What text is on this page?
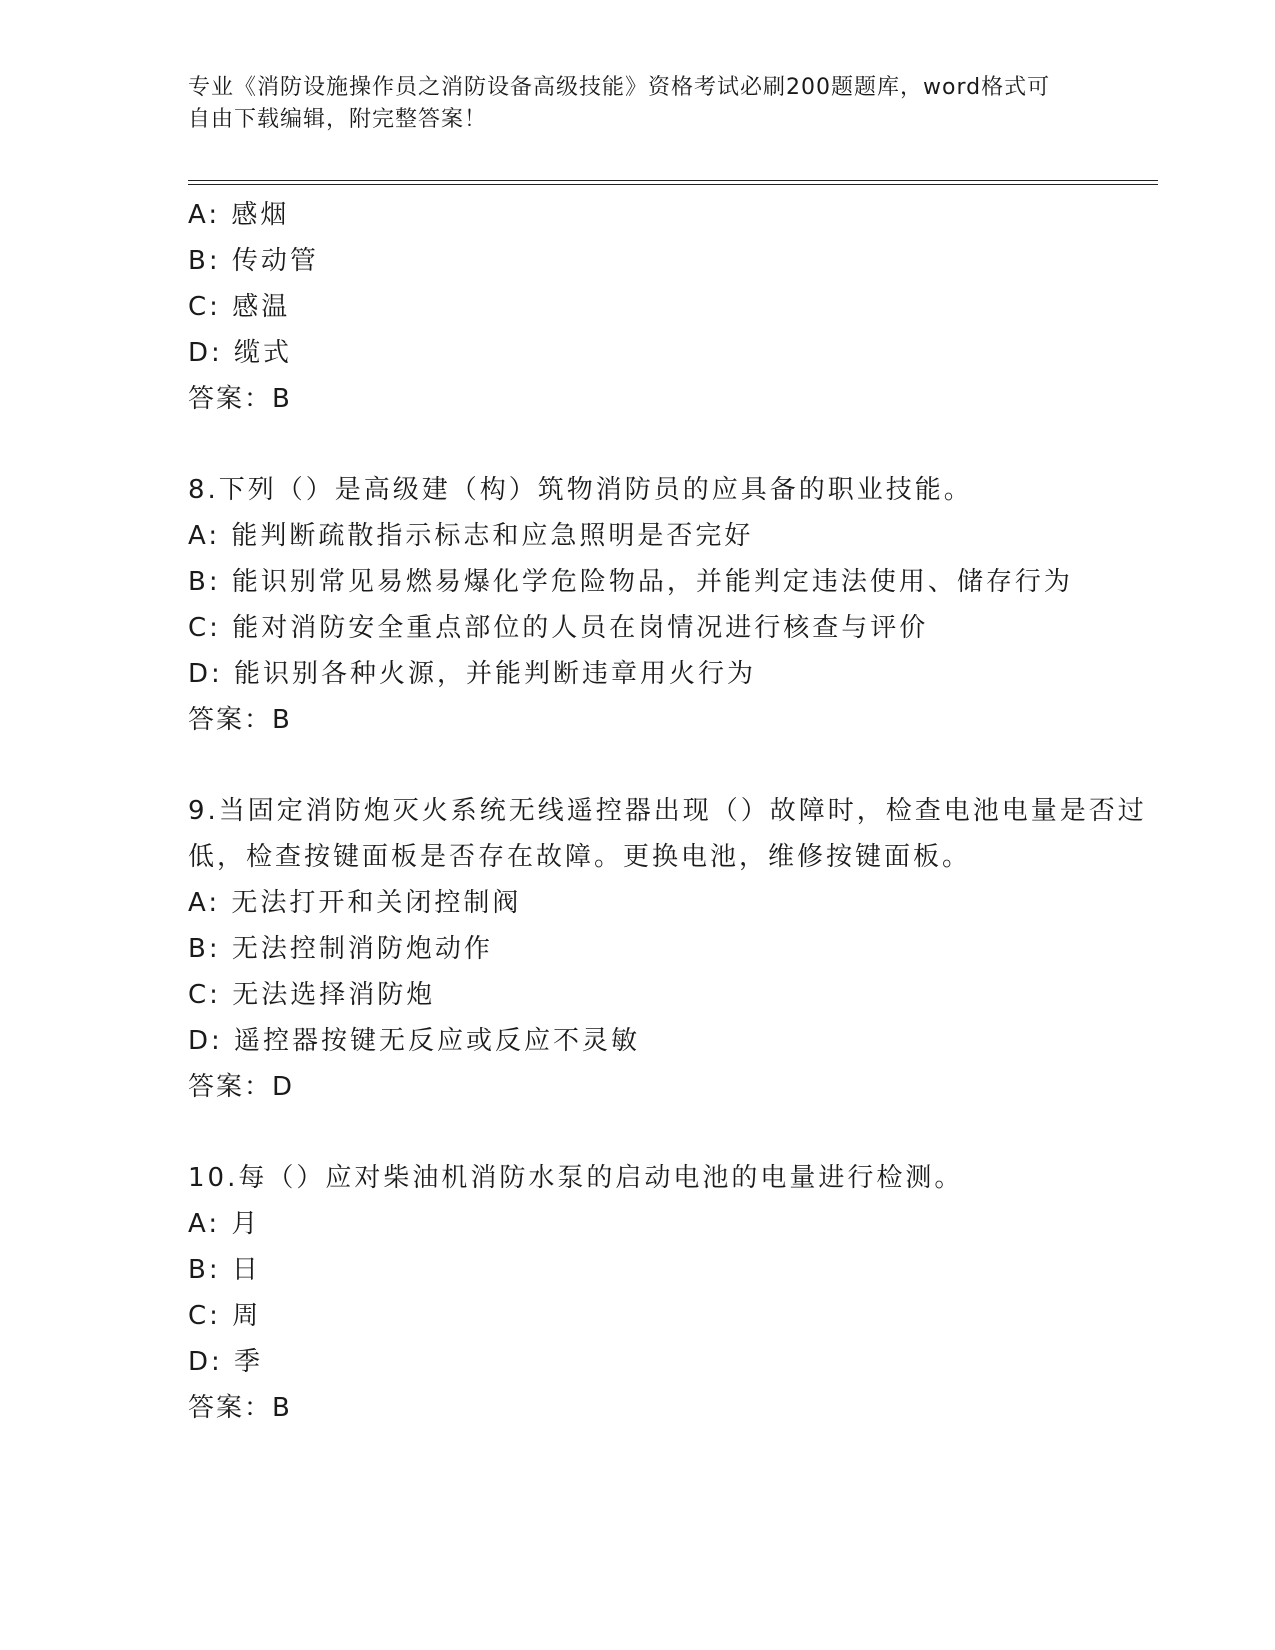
专业《消防设施操作员之消防设备高级技能》资格考试必刷200题题库，word格式可自由下载编辑，附完整答案！
A: 感烟
B: 传动管
C: 感温
D: 缆式
答案：B
8.下列（）是高级建（构）筑物消防员的应具备的职业技能。
A: 能判断疏散指示标志和应急照明是否完好
B: 能识别常见易燃易爆化学危险物品，并能判定违法使用、储存行为
C: 能对消防安全重点部位的人员在岗情况进行核查与评价
D: 能识别各种火源，并能判断违章用火行为
答案：B
9.当固定消防炮灭火系统无线遥控器出现（）故障时，检查电池电量是否过低，检查按键面板是否存在故障。更换电池，维修按键面板。
A: 无法打开和关闭控制阀
B: 无法控制消防炮动作
C: 无法选择消防炮
D: 遥控器按键无反应或反应不灵敏
答案：D
10.每（）应对柴油机消防水泵的启动电池的电量进行检测。
A: 月
B: 日
C: 周
D: 季
答案：B
